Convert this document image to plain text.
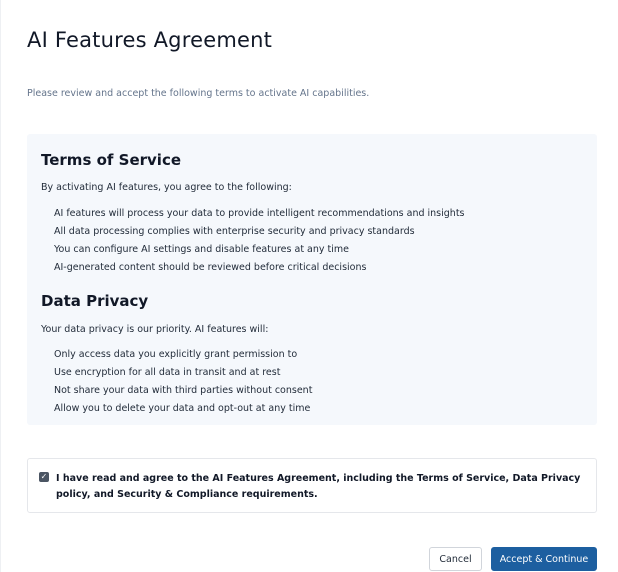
AI Features Agreement

Please review and accept the following terms to activate AI capabilities.

Terms of Service

By activating AI features, you agree to the following:

AI features will process your data to provide intelligent recommendations and insights

All data processing complies with enterprise security and privacy standards

You can configure AI settings and disable features at any time

AI-generated content should be reviewed before critical decisions

Data Privacy

Your data privacy is our priority. AI features will:

Only access data you explicitly grant permission to

Use encryption for all data in transit and at rest

Not share your data with third parties without consent

Allow you to delete your data and opt-out at any time

✓ I have read and agree to the AI Features Agreement, including the Terms of Service, Data Privacy policy, and Security & Compliance requirements.

Cancel	Accept & Continue
